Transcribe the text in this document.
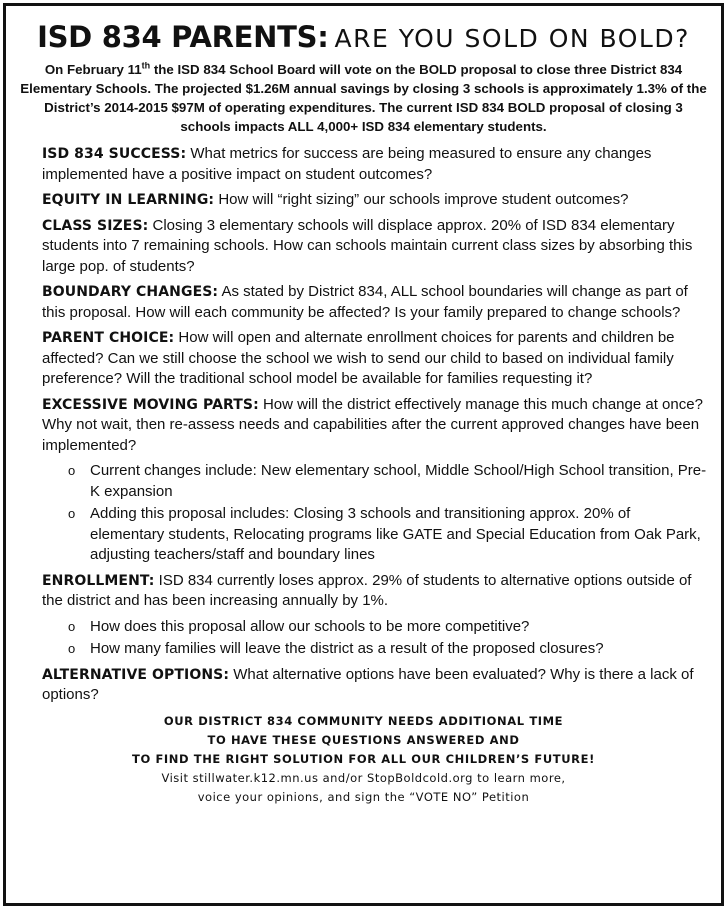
ISD 834 PARENTS: ARE YOU SOLD ON BOLD?
On February 11th the ISD 834 School Board will vote on the BOLD proposal to close three District 834 Elementary Schools. The projected $1.26M annual savings by closing 3 schools is approximately 1.3% of the District’s 2014-2015 $97M of operating expenditures. The current ISD 834 BOLD proposal of closing 3 schools impacts ALL 4,000+ ISD 834 elementary students.

ISD 834 SUCCESS: What metrics for success are being measured to ensure any changes implemented have a positive impact on student outcomes?

EQUITY IN LEARNING: How will “right sizing” our schools improve student outcomes?

CLASS SIZES: Closing 3 elementary schools will displace approx. 20% of ISD 834 elementary students into 7 remaining schools. How can schools maintain current class sizes by absorbing this large pop. of students?

BOUNDARY CHANGES: As stated by District 834, ALL school boundaries will change as part of this proposal. How will each community be affected? Is your family prepared to change schools?

PARENT CHOICE: How will open and alternate enrollment choices for parents and children be affected? Can we still choose the school we wish to send our child to based on individual family preference? Will the traditional school model be available for families requesting it?

EXCESSIVE MOVING PARTS: How will the district effectively manage this much change at once? Why not wait, then re-assess needs and capabilities after the current approved changes have been implemented?

o Current changes include: New elementary school, Middle School/High School transition, Pre-K expansion
o Adding this proposal includes: Closing 3 schools and transitioning approx. 20% of elementary students, Relocating programs like GATE and Special Education from Oak Park, adjusting teachers/staff and boundary lines

ENROLLMENT: ISD 834 currently loses approx. 29% of students to alternative options outside of the district and has been increasing annually by 1%.

o How does this proposal allow our schools to be more competitive?
o How many families will leave the district as a result of the proposed closures?

ALTERNATIVE OPTIONS: What alternative options have been evaluated? Why is there a lack of options?

OUR DISTRICT 834 COMMUNITY NEEDS ADDITIONAL TIME
TO HAVE THESE QUESTIONS ANSWERED AND
TO FIND THE RIGHT SOLUTION FOR ALL OUR CHILDREN’S FUTURE!
Visit stillwater.k12.mn.us and/or StopBoldcold.org to learn more,
voice your opinions, and sign the “VOTE NO” Petition
